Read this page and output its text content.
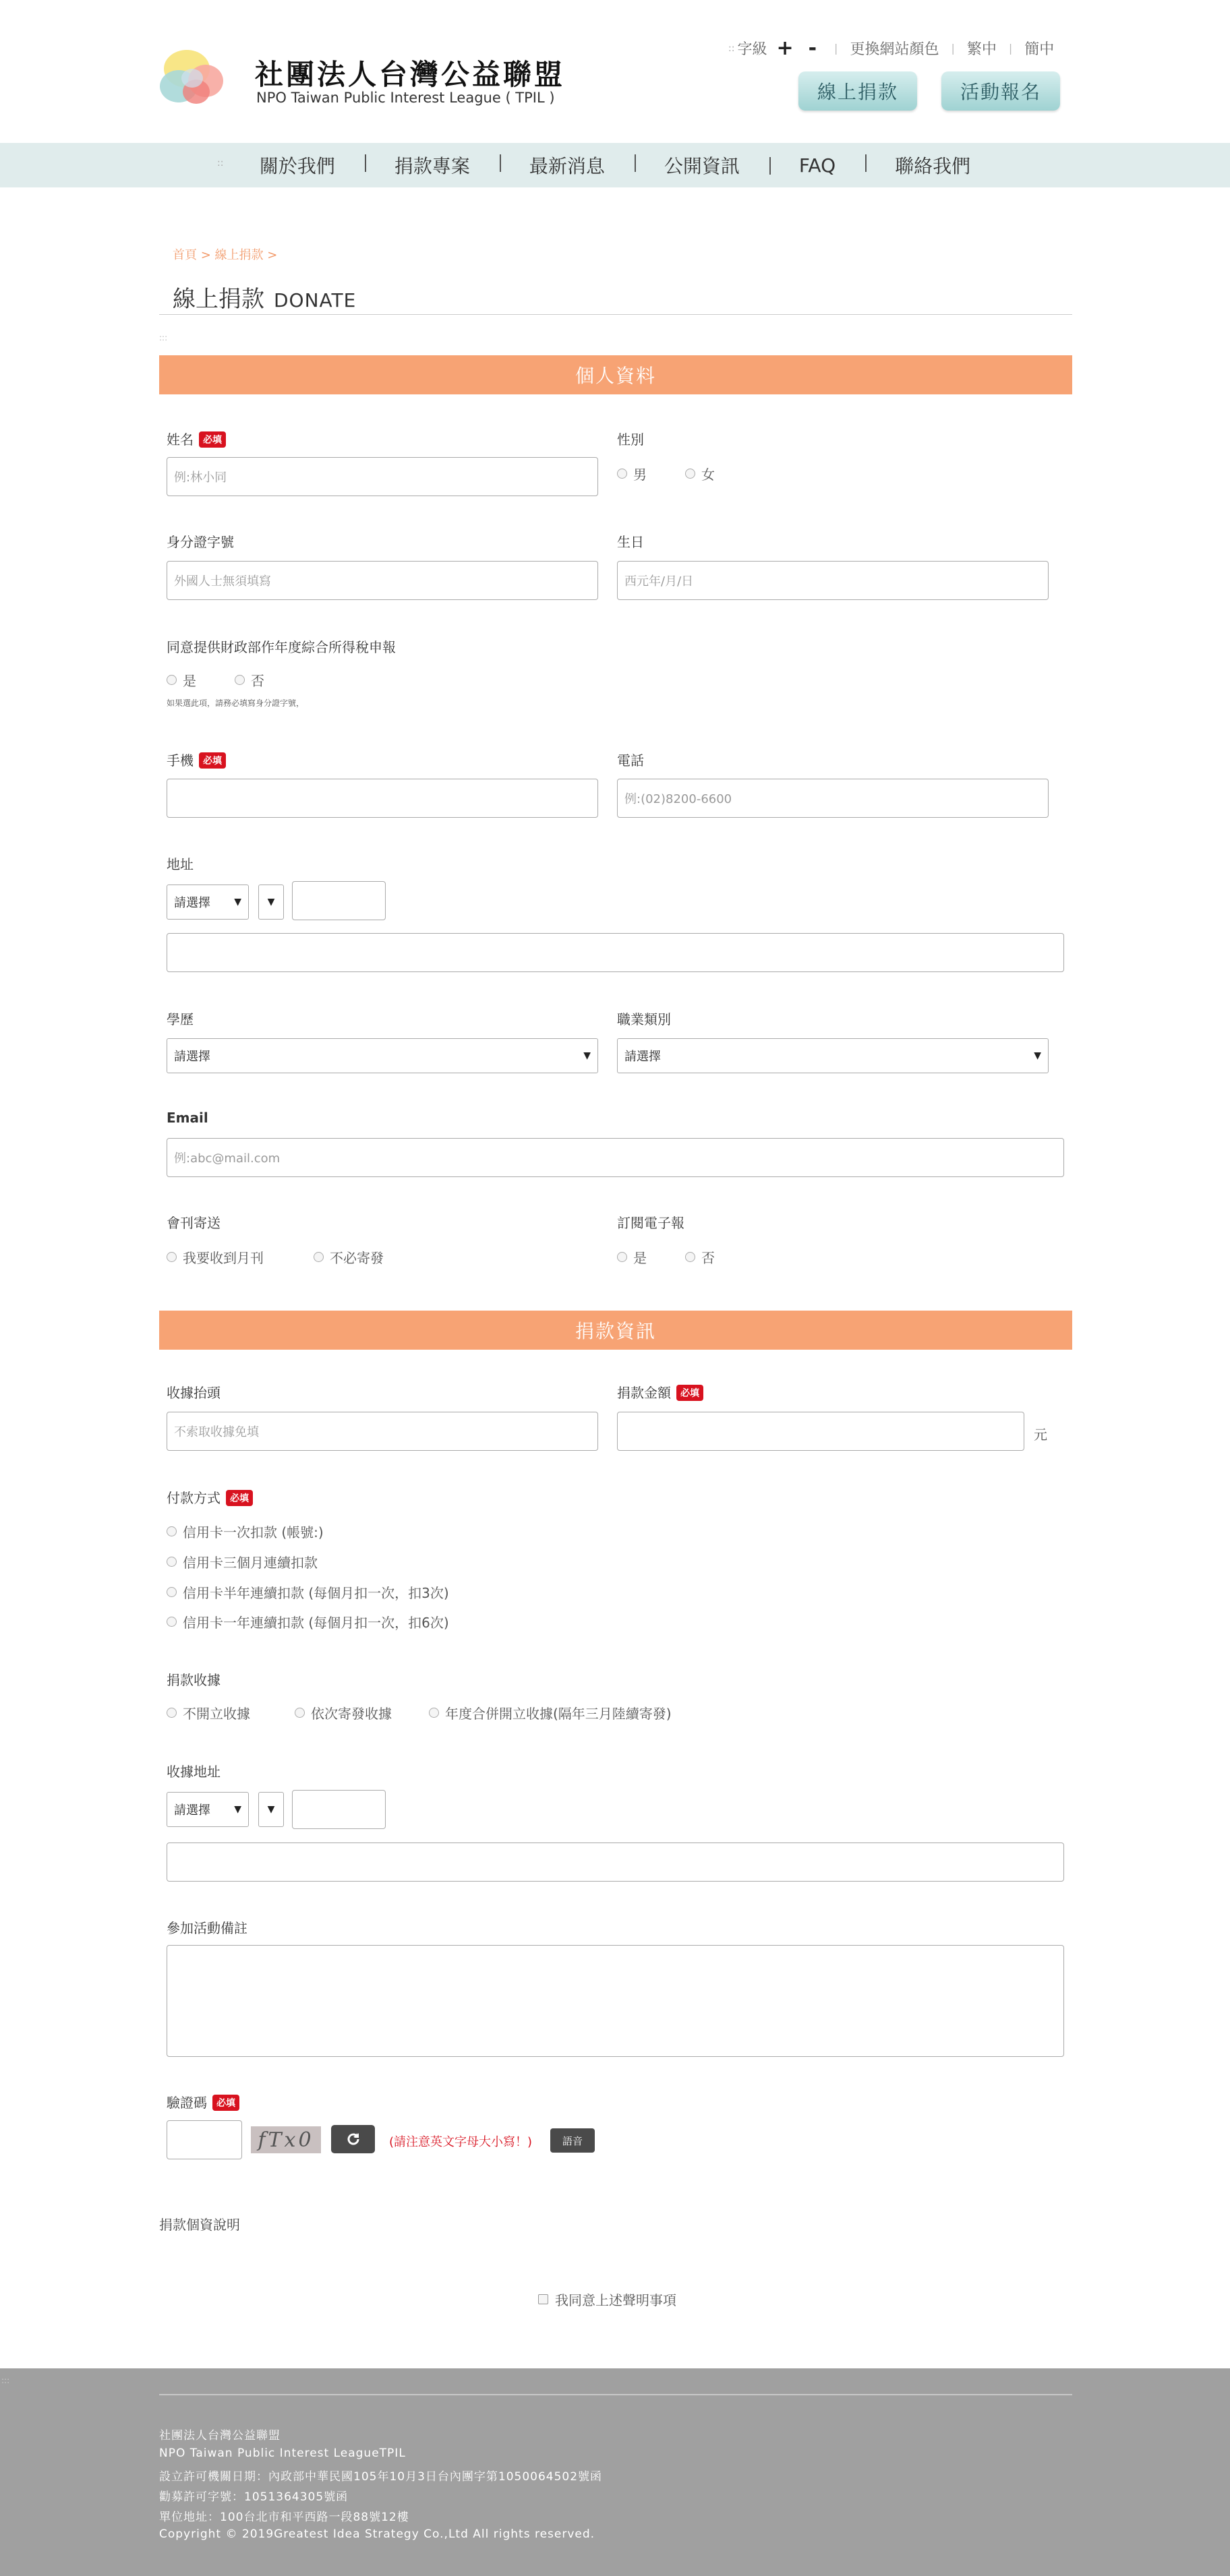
社團法人台灣公益聯盟
NPO Taiwan Public Interest League ( TPIL )
:: 字級 + - | 更換網站顏色 | 繁中 | 簡中
線上捐款	活動報名
::	關於我們	捐款專案	最新消息	公開資訊	FAQ	聯絡我們
首頁 > 線上捐款 >
線上捐款 DONATE
:::
個人資料
姓名 必填
例:林小同
性別
男	女
身分證字號
外國人士無須填寫
生日
西元年/月/日
同意提供財政部作年度綜合所得稅申報
是	否
如果選此項，請務必填寫身分證字號，
手機 必填	電話
例:(02)8200-6600
地址
請選擇	▼	▼
學歷
請選擇	▼
職業類別
請選擇	▼
Email
例:abc@mail.com
會刊寄送
我要收到月刊	不必寄發
訂閱電子報
是	否
捐款資訊
收據抬頭
不索取收據免填
捐款金額 必填
元
付款方式 必填
信用卡一次扣款 (帳號:)
信用卡三個月連續扣款
信用卡半年連續扣款 (每個月扣一次，扣3次)
信用卡一年連續扣款 (每個月扣一次，扣6次)
捐款收據
不開立收據	依次寄發收據	年度合併開立收據(隔年三月陸續寄發)
收據地址
請選擇	▼	▼
參加活動備註
驗證碼 必填
fTx0	(請注意英文字母大小寫！)	語音
捐款個資說明
我同意上述聲明事項
:::
社團法人台灣公益聯盟
NPO Taiwan Public Interest LeagueTPIL
設立許可機關日期：內政部中華民國105年10月3日台內團字第1050064502號函
勸募許可字號：1051364305號函
單位地址：100台北市和平西路一段88號12樓
Copyright © 2019Greatest Idea Strategy Co.,Ltd All rights reserved.
